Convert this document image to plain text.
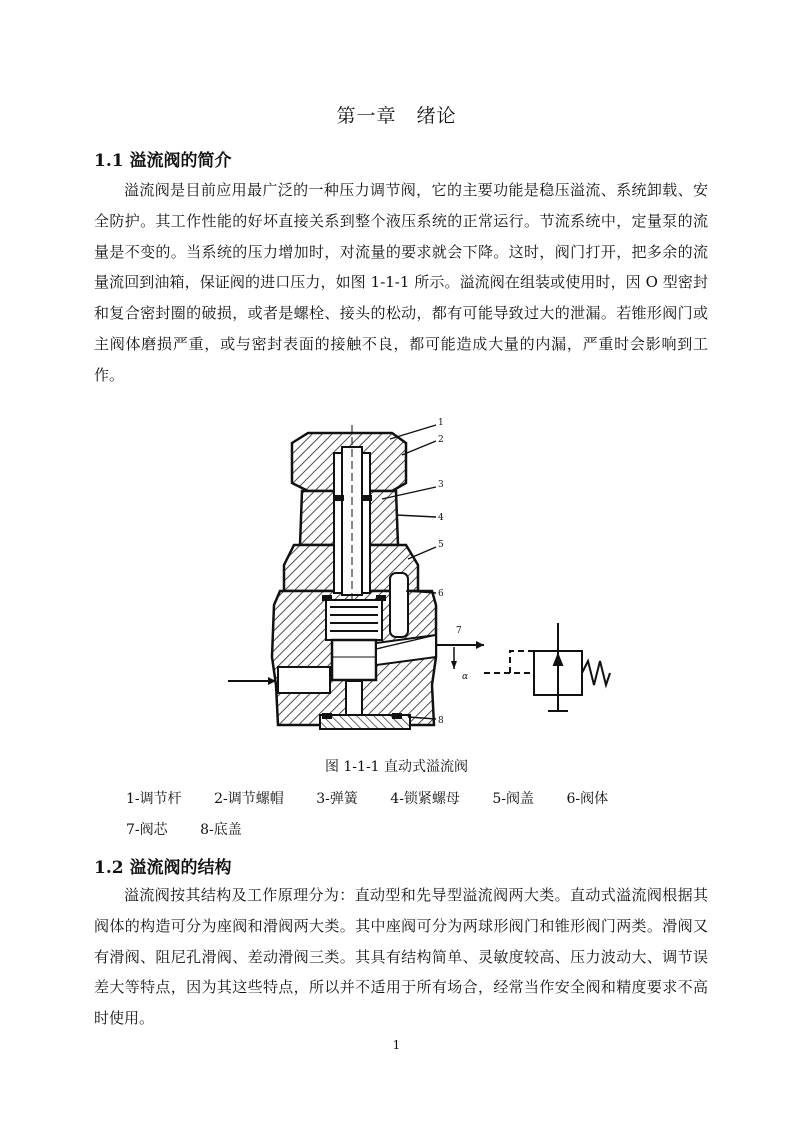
第一章　绪论
1.1 溢流阀的简介

溢流阀是目前应用最广泛的一种压力调节阀，它的主要功能是稳压溢流、系统卸载、安全防护。其工作性能的好坏直接关系到整个液压系统的正常运行。节流系统中，定量泵的流量是不变的。当系统的压力增加时，对流量的要求就会下降。这时，阀门打开，把多余的流量流回到油箱，保证阀的进口压力，如图 1-1-1 所示。溢流阀在组装或使用时，因 O 型密封和复合密封圈的破损，或者是螺栓、接头的松动，都有可能导致过大的泄漏。若锥形阀门或主阀体磨损严重，或与密封表面的接触不良，都可能造成大量的内漏，严重时会影响到工作。

1
2
3
4
5
6
7
8
α
图 1-1-1 直动式溢流阀
1-调节杆 2-调节螺帽 3-弹簧 4-锁紧螺母 5-阀盖 6-阀体
7-阀芯 8-底盖
1.2 溢流阀的结构

溢流阀按其结构及工作原理分为：直动型和先导型溢流阀两大类。直动式溢流阀根据其阀体的构造可分为座阀和滑阀两大类。其中座阀可分为两球形阀门和锥形阀门两类。滑阀又有滑阀、阻尼孔滑阀、差动滑阀三类。其具有结构简单、灵敏度较高、压力波动大、调节误差大等特点，因为其这些特点，所以并不适用于所有场合，经常当作安全阀和精度要求不高时使用。

1
